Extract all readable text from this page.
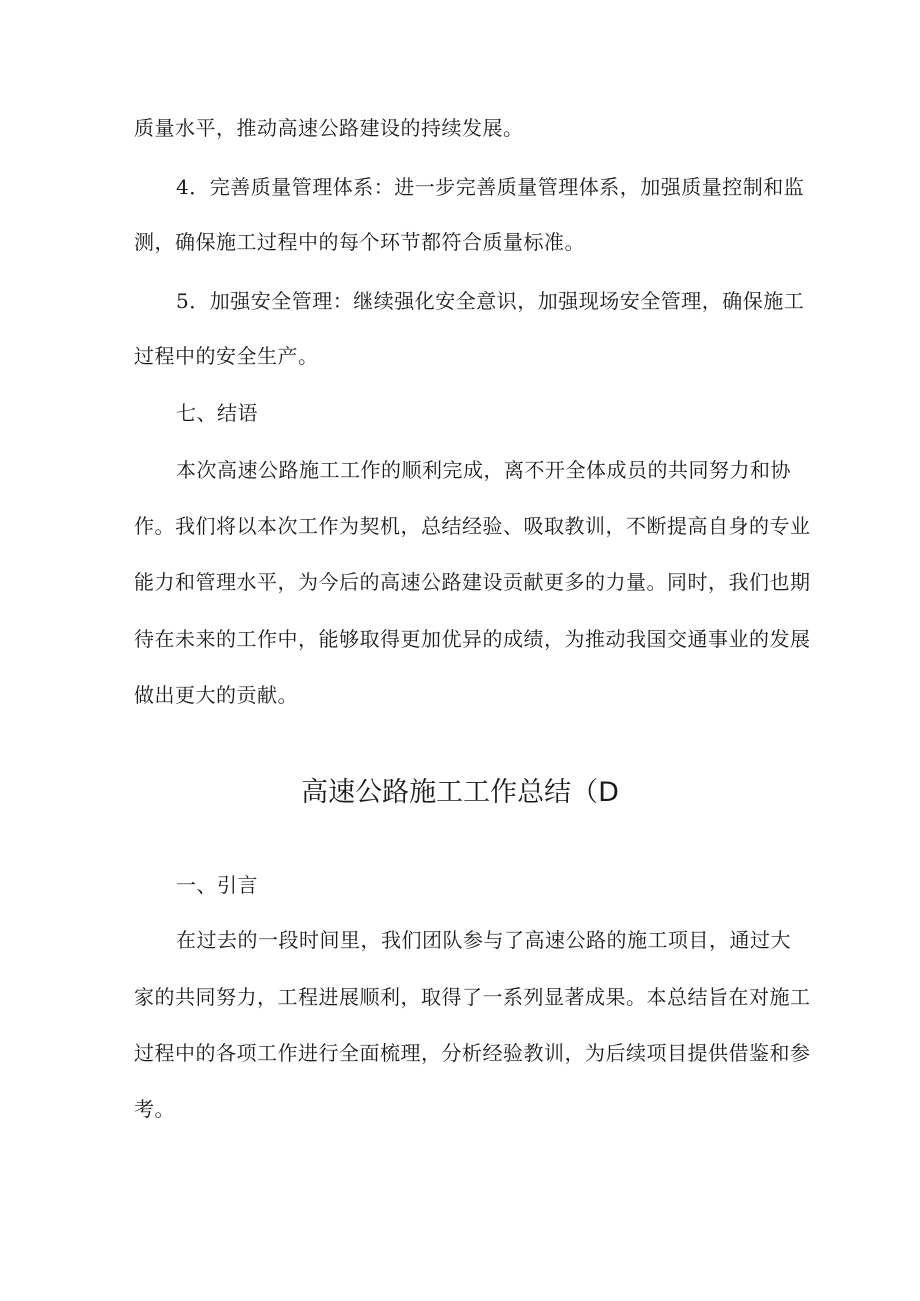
质量水平，推动高速公路建设的持续发展。
4．完善质量管理体系：进一步完善质量管理体系，加强质量控制和监
测，确保施工过程中的每个环节都符合质量标准。
5．加强安全管理：继续强化安全意识，加强现场安全管理，确保施工
过程中的安全生产。
七、结语
本次高速公路施工工作的顺利完成，离不开全体成员的共同努力和协
作。我们将以本次工作为契机，总结经验、吸取教训，不断提高自身的专业
能力和管理水平，为今后的高速公路建设贡献更多的力量。同时，我们也期
待在未来的工作中，能够取得更加优异的成绩，为推动我国交通事业的发展
做出更大的贡献。
高速公路施工工作总结（D
一、引言
在过去的一段时间里，我们团队参与了高速公路的施工项目，通过大
家的共同努力，工程进展顺利，取得了一系列显著成果。本总结旨在对施工
过程中的各项工作进行全面梳理，分析经验教训，为后续项目提供借鉴和参
考。
